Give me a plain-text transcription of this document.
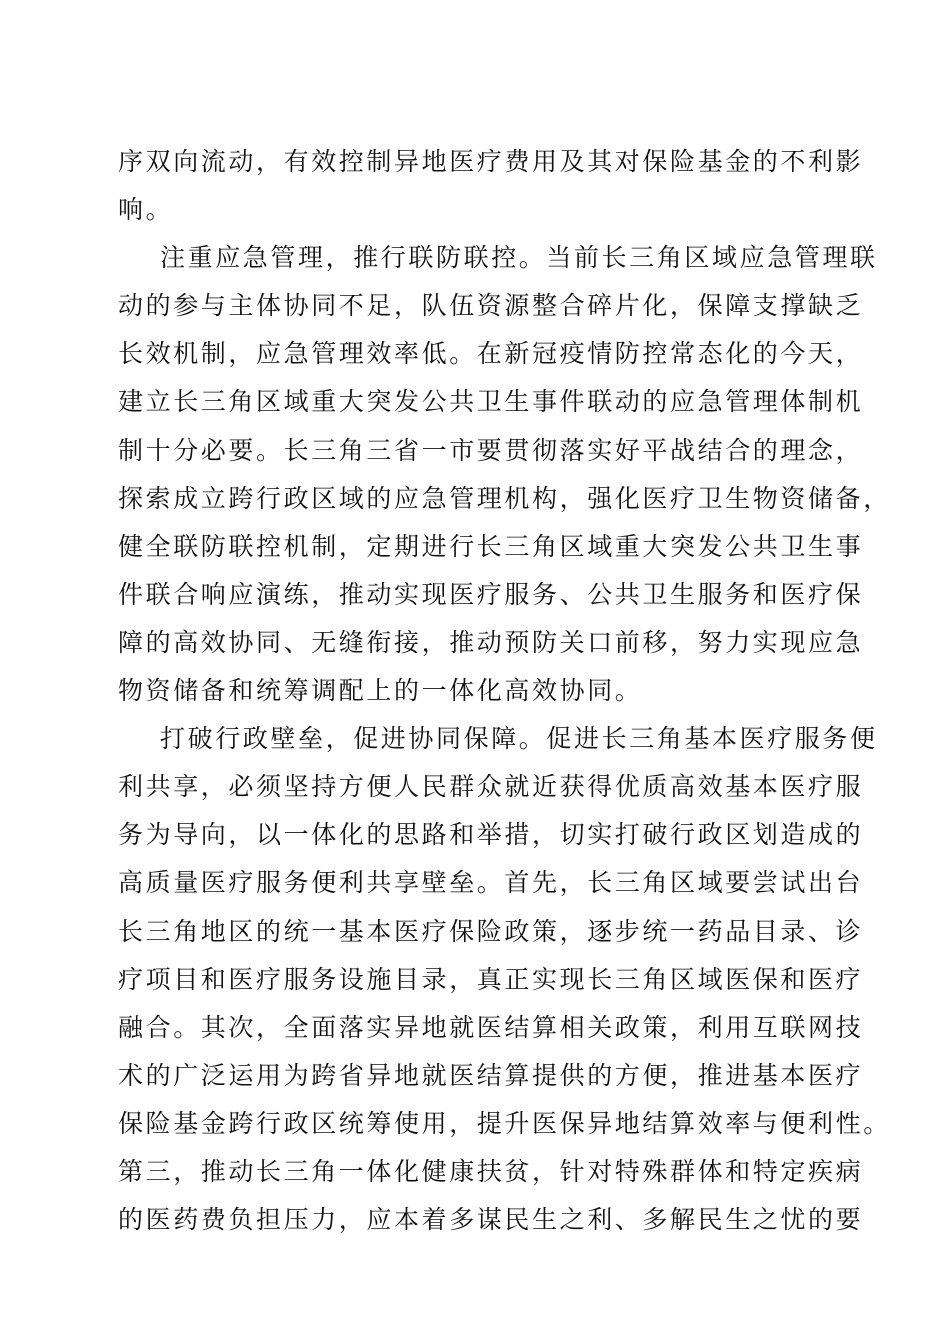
序双向流动，有效控制异地医疗费用及其对保险基金的不利影
响。
注重应急管理，推行联防联控。当前长三角区域应急管理联
动的参与主体协同不足，队伍资源整合碎片化，保障支撑缺乏
长效机制，应急管理效率低。在新冠疫情防控常态化的今天，
建立长三角区域重大突发公共卫生事件联动的应急管理体制机
制十分必要。长三角三省一市要贯彻落实好平战结合的理念，
探索成立跨行政区域的应急管理机构，强化医疗卫生物资储备，
健全联防联控机制，定期进行长三角区域重大突发公共卫生事
件联合响应演练，推动实现医疗服务、公共卫生服务和医疗保
障的高效协同、无缝衔接，推动预防关口前移，努力实现应急
物资储备和统筹调配上的一体化高效协同。
打破行政壁垒，促进协同保障。促进长三角基本医疗服务便
利共享，必须坚持方便人民群众就近获得优质高效基本医疗服
务为导向，以一体化的思路和举措，切实打破行政区划造成的
高质量医疗服务便利共享壁垒。首先，长三角区域要尝试出台
长三角地区的统一基本医疗保险政策，逐步统一药品目录、诊
疗项目和医疗服务设施目录，真正实现长三角区域医保和医疗
融合。其次，全面落实异地就医结算相关政策，利用互联网技
术的广泛运用为跨省异地就医结算提供的方便，推进基本医疗
保险基金跨行政区统筹使用，提升医保异地结算效率与便利性。
第三，推动长三角一体化健康扶贫，针对特殊群体和特定疾病
的医药费负担压力，应本着多谋民生之利、多解民生之忧的要
